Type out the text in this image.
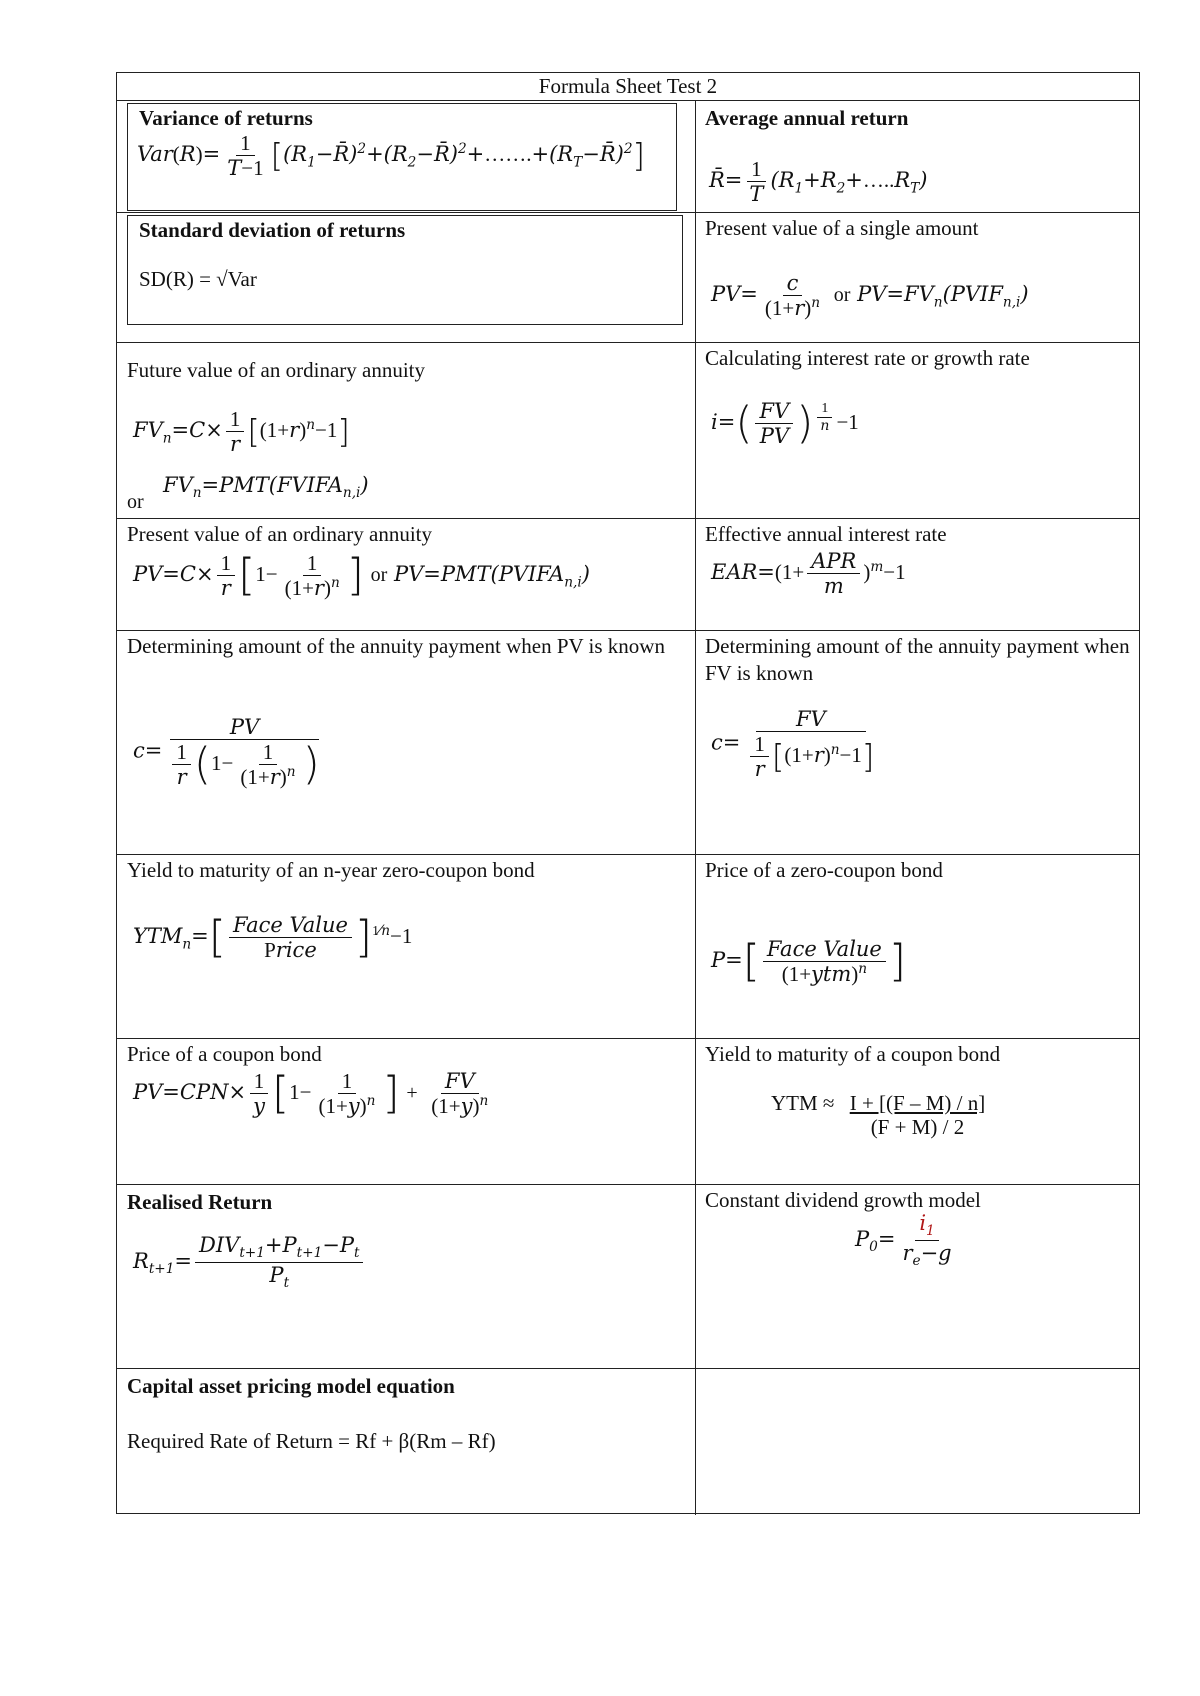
Formula Sheet Test 2
Variance of returns
$Var(R)= \frac{1}{T-1}$ $[(R_1-R̄)^2+(R_2-R̄)^2+\dots\dots.+(R_T-R̄)^2]$
Average annual return
R̄= $\frac{1}{T}$ $(R_1+R_2+\dots..R_T)$
Standard deviation of returns
SD(R) = √Var
Present value of a single amount
$PV= \frac{c}{(1+r)^n}$ or $PV=FV_n(PVIF_{n,i})$
Future value of an ordinary annuity
$FV_n=C\times \frac{1}{r} [(1+r)^n-1]$
or
$FV_n=PMT(FVIFA_{n,i})$
Calculating interest rate or growth rate
$i=( \frac{FV}{PV}$ ) $^{\frac{1}{n}}$ −1
Present value of an ordinary annuity
$PV=C\times \frac{1}{r} [1- \frac{1}{(1+r)^n}$ ] or $PV=PMT(PVIFA_{n,i})$
Effective annual interest rate
EAR=(1+ APR
m
)$^m$−1
Determining amount of the annuity payment when PV is known
$c= \frac{PV}{\frac{1}{r} (1- \frac{1}{(1+r)^n} )}$
Determining amount of the annuity payment when FV is known
$c= \frac{FV}{\frac{1}{r} [(1+r)^n-1]}$
Yield to maturity of an n-year zero-coupon bond
$YTM_n=$[ Face Value
Price ]$^{1⁄n}$−1
Price of a zero-coupon bond
P=[ Face Value
$(1+ytm)^n$ ]
Price of a coupon bond
$PV=CPN\times \frac{1}{y} [1- \frac{1}{(1+y)^n}$ ] + $\frac{FV}{(1+y)^n}$
Yield to maturity of a coupon bond
YTM ≈ $\frac{I + [(F - M) / n]}{(F + M) / 2}$
Realised Return
$R_{t+1}=$
$DIV_{t+1}+P_{t+1}-P_t$
$P_t$
Constant dividend growth model
$P_0= \frac{i_1}{r_e-g}$
Capital asset pricing model equation
Required Rate of Return = Rf + β(Rm – Rf)
